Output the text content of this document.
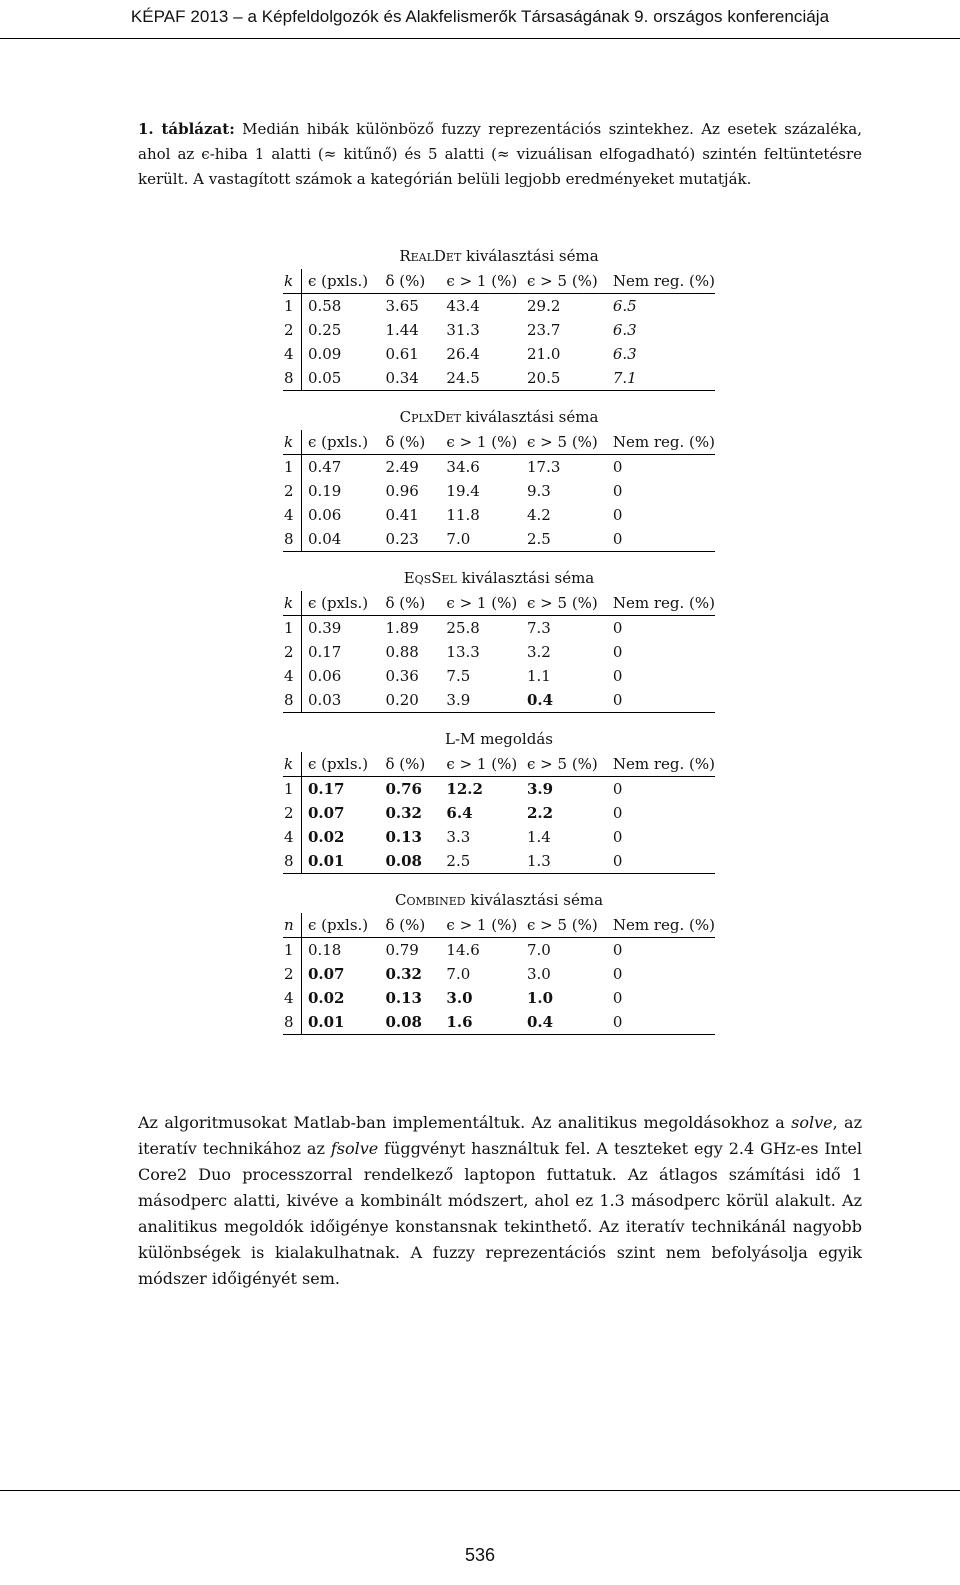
KÉPAF 2013 – a Képfeldolgozók és Alakfelismerők Társaságának 9. országos konferenciája
1. táblázat: Medián hibák különböző fuzzy reprezentációs szintekhez. Az esetek százaléka, ahol az ϵ-hiba 1 alatti (≈ kitűnő) és 5 alatti (≈ vizuálisan elfogadható) szintén feltüntetésre került. A vastagított számok a kategórián belüli legjobb eredményeket mutatják.
RealDet kiválasztási séma
k	ϵ (pxls.)	δ (%)	ϵ > 1 (%)	ϵ > 5 (%)	Nem reg. (%)
1	0.58	3.65	43.4	29.2	6.5
2	0.25	1.44	31.3	23.7	6.3
4	0.09	0.61	26.4	21.0	6.3
8	0.05	0.34	24.5	20.5	7.1
CplxDet kiválasztási séma
k	ϵ (pxls.)	δ (%)	ϵ > 1 (%)	ϵ > 5 (%)	Nem reg. (%)
1	0.47	2.49	34.6	17.3	0
2	0.19	0.96	19.4	9.3	0
4	0.06	0.41	11.8	4.2	0
8	0.04	0.23	7.0	2.5	0
EqsSel kiválasztási séma
k	ϵ (pxls.)	δ (%)	ϵ > 1 (%)	ϵ > 5 (%)	Nem reg. (%)
1	0.39	1.89	25.8	7.3	0
2	0.17	0.88	13.3	3.2	0
4	0.06	0.36	7.5	1.1	0
8	0.03	0.20	3.9	0.4	0
L-M megoldás
k	ϵ (pxls.)	δ (%)	ϵ > 1 (%)	ϵ > 5 (%)	Nem reg. (%)
1	0.17	0.76	12.2	3.9	0
2	0.07	0.32	6.4	2.2	0
4	0.02	0.13	3.3	1.4	0
8	0.01	0.08	2.5	1.3	0
Combined kiválasztási séma
n	ϵ (pxls.)	δ (%)	ϵ > 1 (%)	ϵ > 5 (%)	Nem reg. (%)
1	0.18	0.79	14.6	7.0	0
2	0.07	0.32	7.0	3.0	0
4	0.02	0.13	3.0	1.0	0
8	0.01	0.08	1.6	0.4	0
Az algoritmusokat Matlab-ban implementáltuk. Az analitikus megoldásokhoz a solve, az iteratív technikához az fsolve függvényt használtuk fel. A teszteket egy 2.4 GHz-es Intel Core2 Duo processzorral rendelkező laptopon futtatuk. Az átlagos számítási idő 1 másodperc alatti, kivéve a kombinált módszert, ahol ez 1.3 másodperc körül alakult. Az analitikus megoldók időigénye konstansnak tekinthető. Az iteratív technikánál nagyobb különbségek is kialakulhatnak. A fuzzy reprezentációs szint nem befolyásolja egyik módszer időigényét sem.
536
